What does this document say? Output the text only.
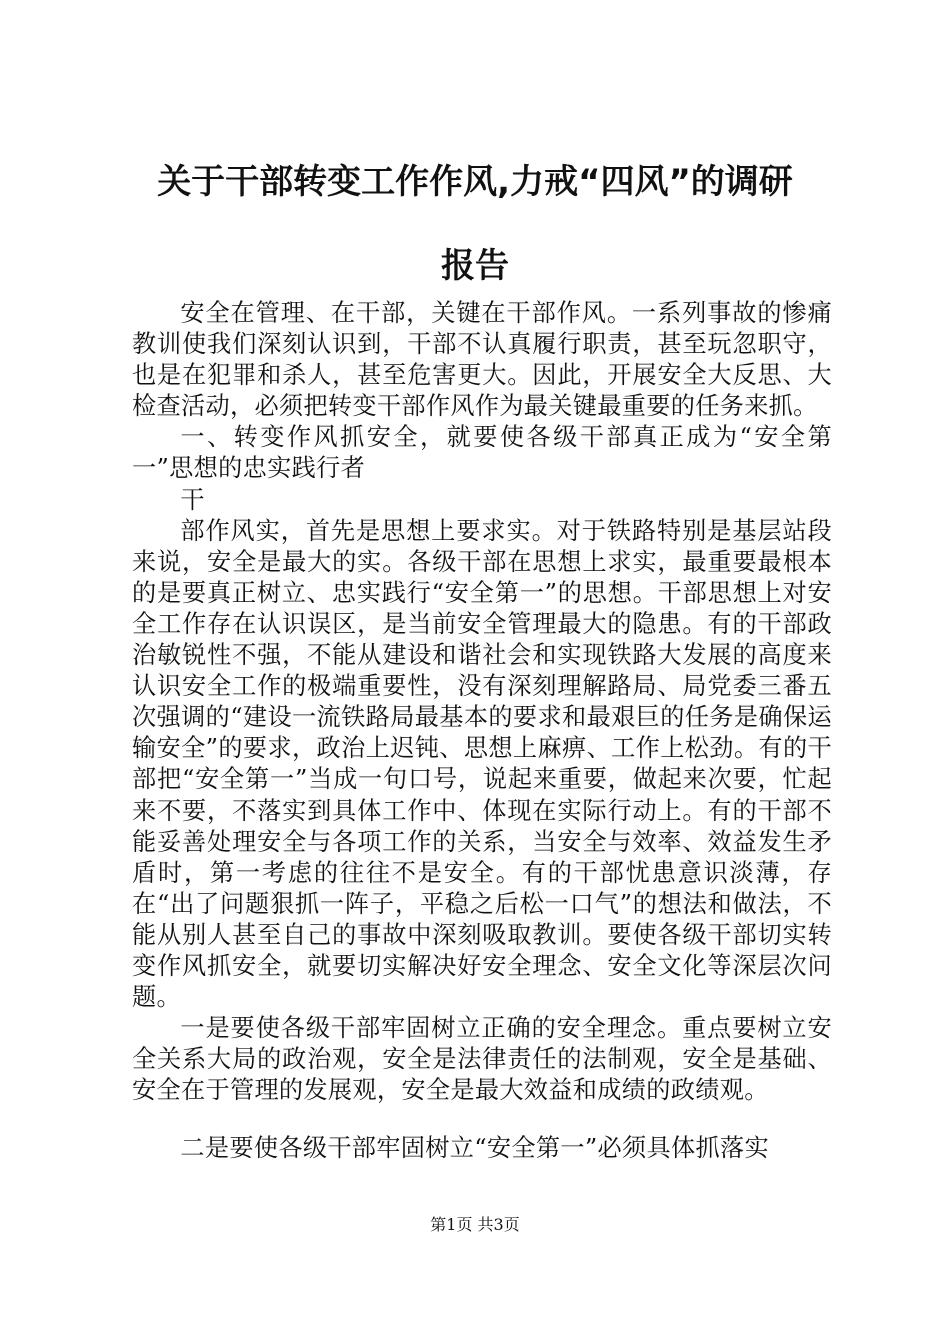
关于干部转变工作作风,力戒“四风”的调研
报告

安全在管理、在干部，关键在干部作风。一系列事故的惨痛教训使我们深刻认识到，干部不认真履行职责，甚至玩忽职守，也是在犯罪和杀人，甚至危害更大。因此，开展安全大反思、大检查活动，必须把转变干部作风作为最关键最重要的任务来抓。

一、转变作风抓安全，就要使各级干部真正成为“安全第一”思想的忠实践行者

干

部作风实，首先是思想上要求实。对于铁路特别是基层站段来说，安全是最大的实。各级干部在思想上求实，最重要最根本的是要真正树立、忠实践行“安全第一”的思想。干部思想上对安全工作存在认识误区，是当前安全管理最大的隐患。有的干部政治敏锐性不强，不能从建设和谐社会和实现铁路大发展的高度来认识安全工作的极端重要性，没有深刻理解路局、局党委三番五次强调的“建设一流铁路局最基本的要求和最艰巨的任务是确保运输安全”的要求，政治上迟钝、思想上麻痹、工作上松劲。有的干部把“安全第一”当成一句口号，说起来重要，做起来次要，忙起来不要，不落实到具体工作中、体现在实际行动上。有的干部不能妥善处理安全与各项工作的关系，当安全与效率、效益发生矛盾时，第一考虑的往往不是安全。有的干部忧患意识淡薄，存在“出了问题狠抓一阵子，平稳之后松一口气”的想法和做法，不能从别人甚至自己的事故中深刻吸取教训。要使各级干部切实转变作风抓安全，就要切实解决好安全理念、安全文化等深层次问题。

一是要使各级干部牢固树立正确的安全理念。重点要树立安全关系大局的政治观，安全是法律责任的法制观，安全是基础、安全在于管理的发展观，安全是最大效益和成绩的政绩观。

二是要使各级干部牢固树立“安全第一”必须具体抓落实

第1页 共3页
